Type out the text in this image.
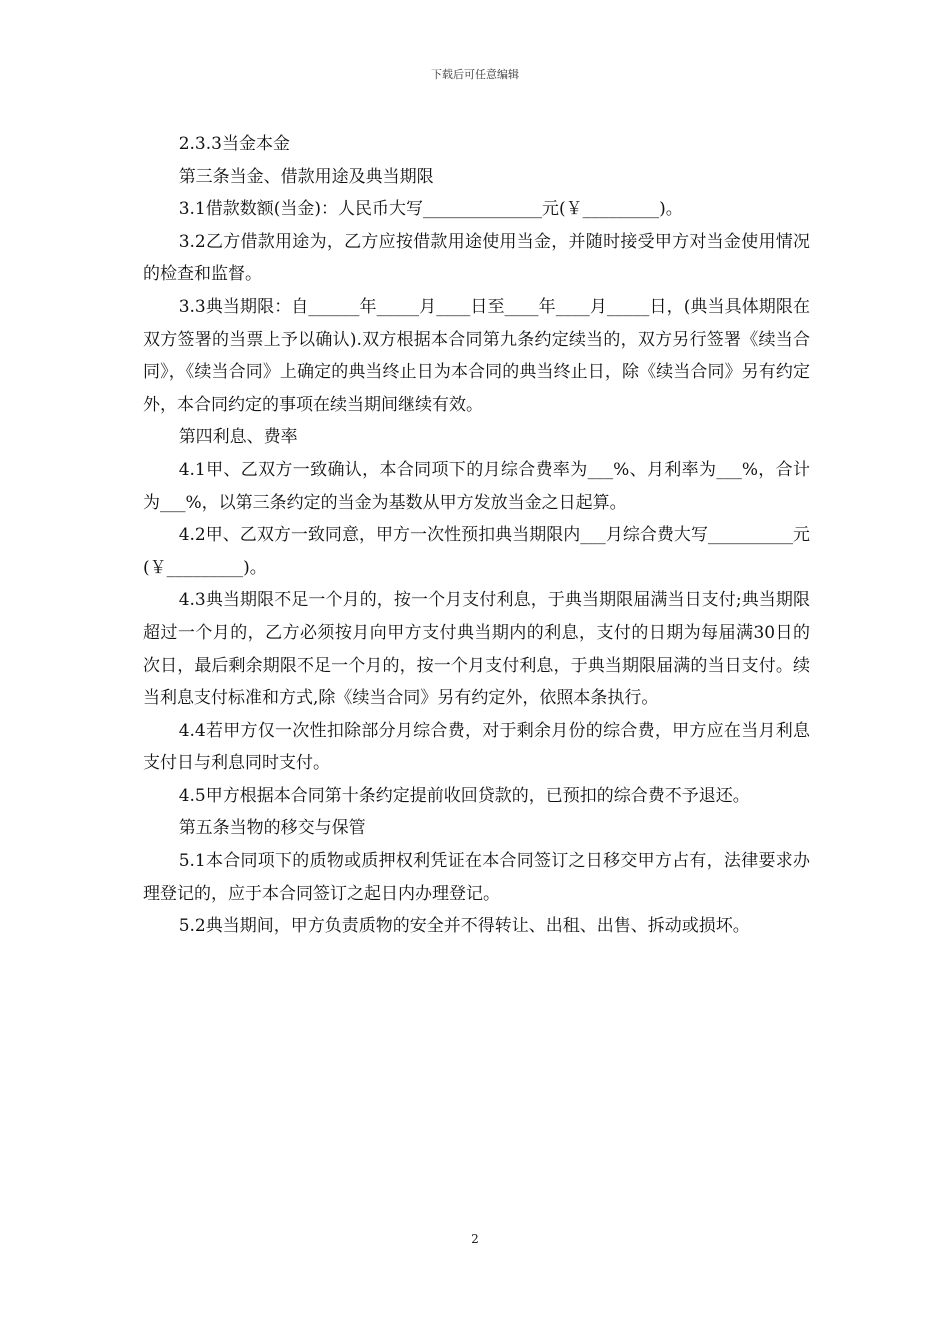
下载后可任意编辑

2.3.3当金本金

第三条当金、借款用途及典当期限

3.1借款数额(当金)：人民币大写______________元(￥_________)。

3.2乙方借款用途为，乙方应按借款用途使用当金，并随时接受甲方对当金使用情况的检查和监督。

3.3典当期限：自______年_____月____日至____年____月_____日，(典当具体期限在双方签署的当票上予以确认).双方根据本合同第九条约定续当的，双方另行签署《续当合同》，《续当合同》上确定的典当终止日为本合同的典当终止日，除《续当合同》另有约定外，本合同约定的事项在续当期间继续有效。

第四利息、费率

4.1甲、乙双方一致确认，本合同项下的月综合费率为___%、月利率为___%，合计为___%，以第三条约定的当金为基数从甲方发放当金之日起算。

4.2甲、乙双方一致同意，甲方一次性预扣典当期限内___月综合费大写__________元(￥_________)。

4.3典当期限不足一个月的，按一个月支付利息，于典当期限届满当日支付;典当期限超过一个月的，乙方必须按月向甲方支付典当期内的利息，支付的日期为每届满30日的次日，最后剩余期限不足一个月的，按一个月支付利息，于典当期限届满的当日支付。续当利息支付标准和方式,除《续当合同》另有约定外，依照本条执行。

4.4若甲方仅一次性扣除部分月综合费，对于剩余月份的综合费，甲方应在当月利息支付日与利息同时支付。

4.5甲方根据本合同第十条约定提前收回贷款的，已预扣的综合费不予退还。

第五条当物的移交与保管

5.1本合同项下的质物或质押权利凭证在本合同签订之日移交甲方占有，法律要求办理登记的，应于本合同签订之起日内办理登记。

5.2典当期间，甲方负责质物的安全并不得转让、出租、出售、拆动或损坏。

2
